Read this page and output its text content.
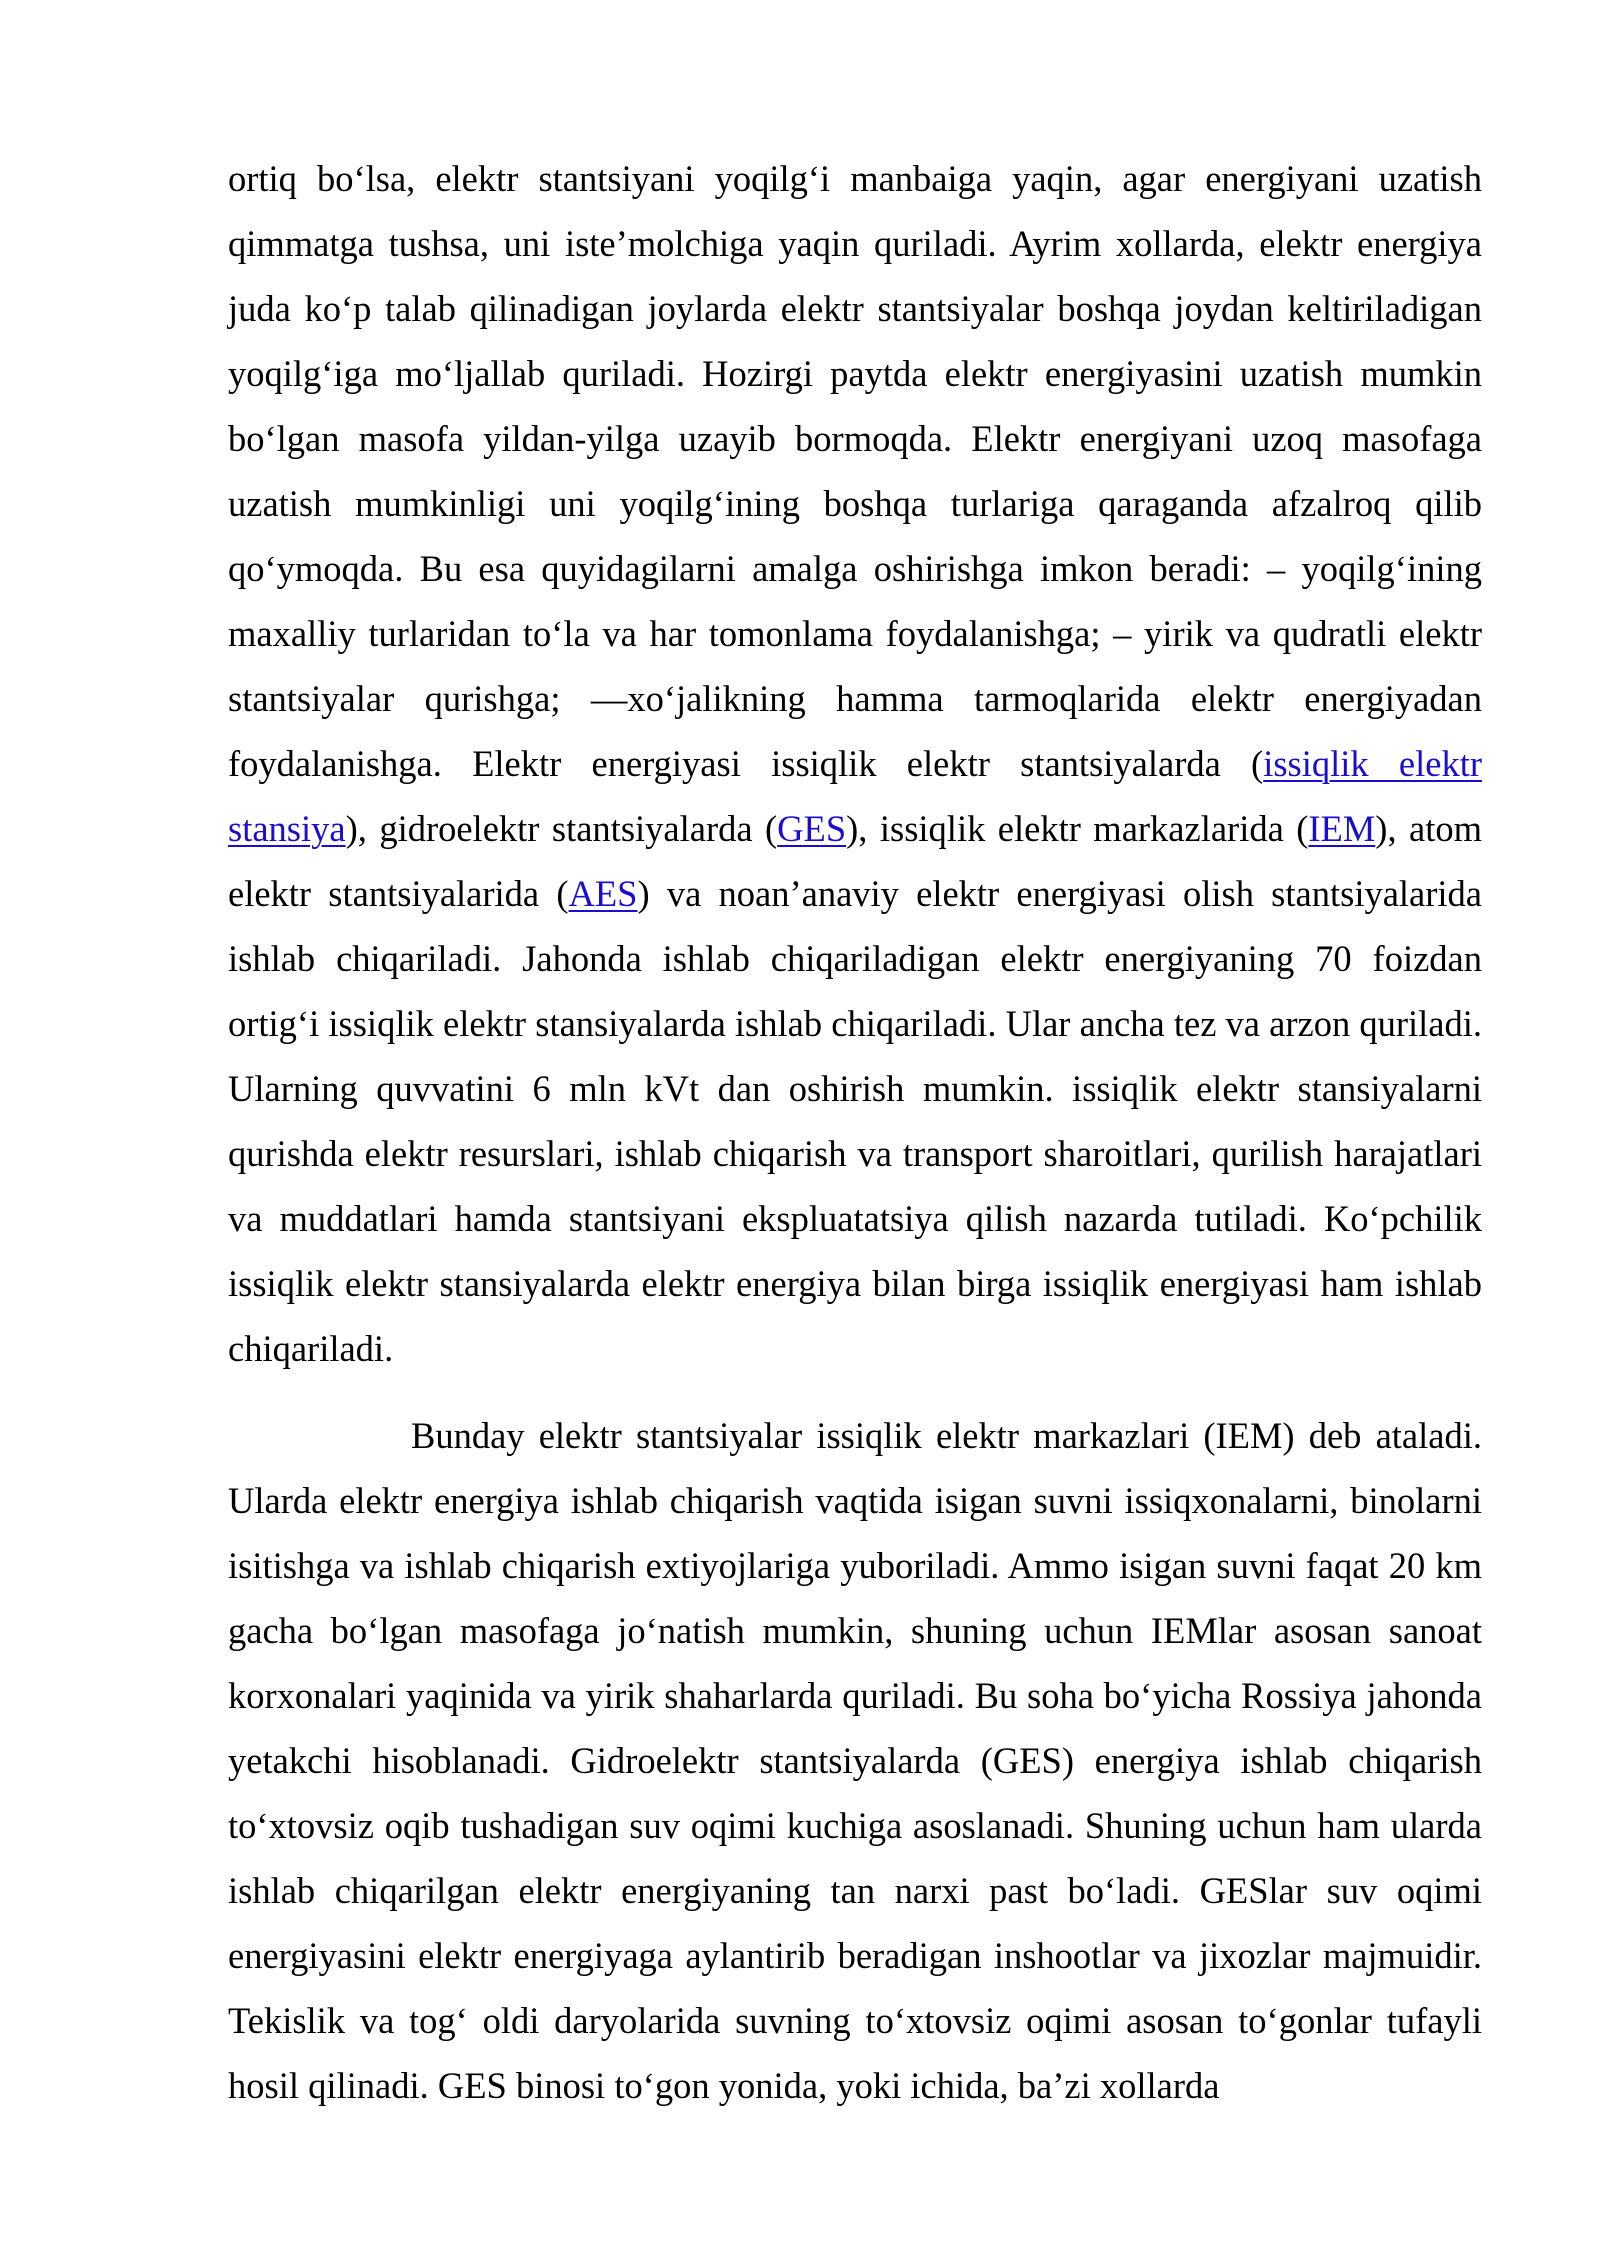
ortiq bo‘lsa, elektr stantsiyani yoqilg‘i manbaiga yaqin, agar energiyani uzatish qimmatga tushsa, uni iste’molchiga yaqin quriladi. Ayrim xollarda, elektr energiya juda ko‘p talab qilinadigan joylarda elektr stantsiyalar boshqa joydan keltiriladigan yoqilg‘iga mo‘ljallab quriladi. Hozirgi paytda elektr energiyasini uzatish mumkin bo‘lgan masofa yildan-yilga uzayib bormoqda. Elektr energiyani uzoq masofaga uzatish mumkinligi uni yoqilg‘ining boshqa turlariga qaraganda afzalroq qilib qo‘ymoqda. Bu esa quyidagilarni amalga oshirishga imkon beradi: – yoqilg‘ining maxalliy turlaridan to‘la va har tomonlama foydalanishga; – yirik va qudratli elektr stantsiyalar qurishga; —xo‘jalikning hamma tarmoqlarida elektr energiyadan foydalanishga. Elektr energiyasi issiqlik elektr stantsiyalarda (issiqlik elektr stansiya), gidroelektr stantsiyalarda (GES), issiqlik elektr markazlarida (IEM), atom elektr stantsiyalarida (AES) va noan’anaviy elektr energiyasi olish stantsiyalarida ishlab chiqariladi. Jahonda ishlab chiqariladigan elektr energiyaning 70 foizdan ortig‘i issiqlik elektr stansiyalarda ishlab chiqariladi. Ular ancha tez va arzon quriladi. Ularning quvvatini 6 mln kVt dan oshirish mumkin. issiqlik elektr stansiyalarni qurishda elektr resurslari, ishlab chiqarish va transport sharoitlari, qurilish harajatlari va muddatlari hamda stantsiyani ekspluatatsiya qilish nazarda tutiladi. Ko‘pchilik issiqlik elektr stansiyalarda elektr energiya bilan birga issiqlik energiyasi ham ishlab chiqariladi.

Bunday elektr stantsiyalar issiqlik elektr markazlari (IEM) deb ataladi. Ularda elektr energiya ishlab chiqarish vaqtida isigan suvni issiqxonalarni, binolarni isitishga va ishlab chiqarish extiyojlariga yuboriladi. Ammo isigan suvni faqat 20 km gacha bo‘lgan masofaga jo‘natish mumkin, shuning uchun IEMlar asosan sanoat korxonalari yaqinida va yirik shaharlarda quriladi. Bu soha bo‘yicha Rossiya jahonda yetakchi hisoblanadi. Gidroelektr stantsiyalarda (GES) energiya ishlab chiqarish to‘xtovsiz oqib tushadigan suv oqimi kuchiga asoslanadi. Shuning uchun ham ularda ishlab chiqarilgan elektr energiyaning tan narxi past bo‘ladi. GESlar suv oqimi energiyasini elektr energiyaga aylantirib beradigan inshootlar va jixozlar majmuidir. Tekislik va tog‘ oldi daryolarida suvning to‘xtovsiz oqimi asosan to‘gonlar tufayli hosil qilinadi. GES binosi to‘gon yonida, yoki ichida, ba’zi xollarda
